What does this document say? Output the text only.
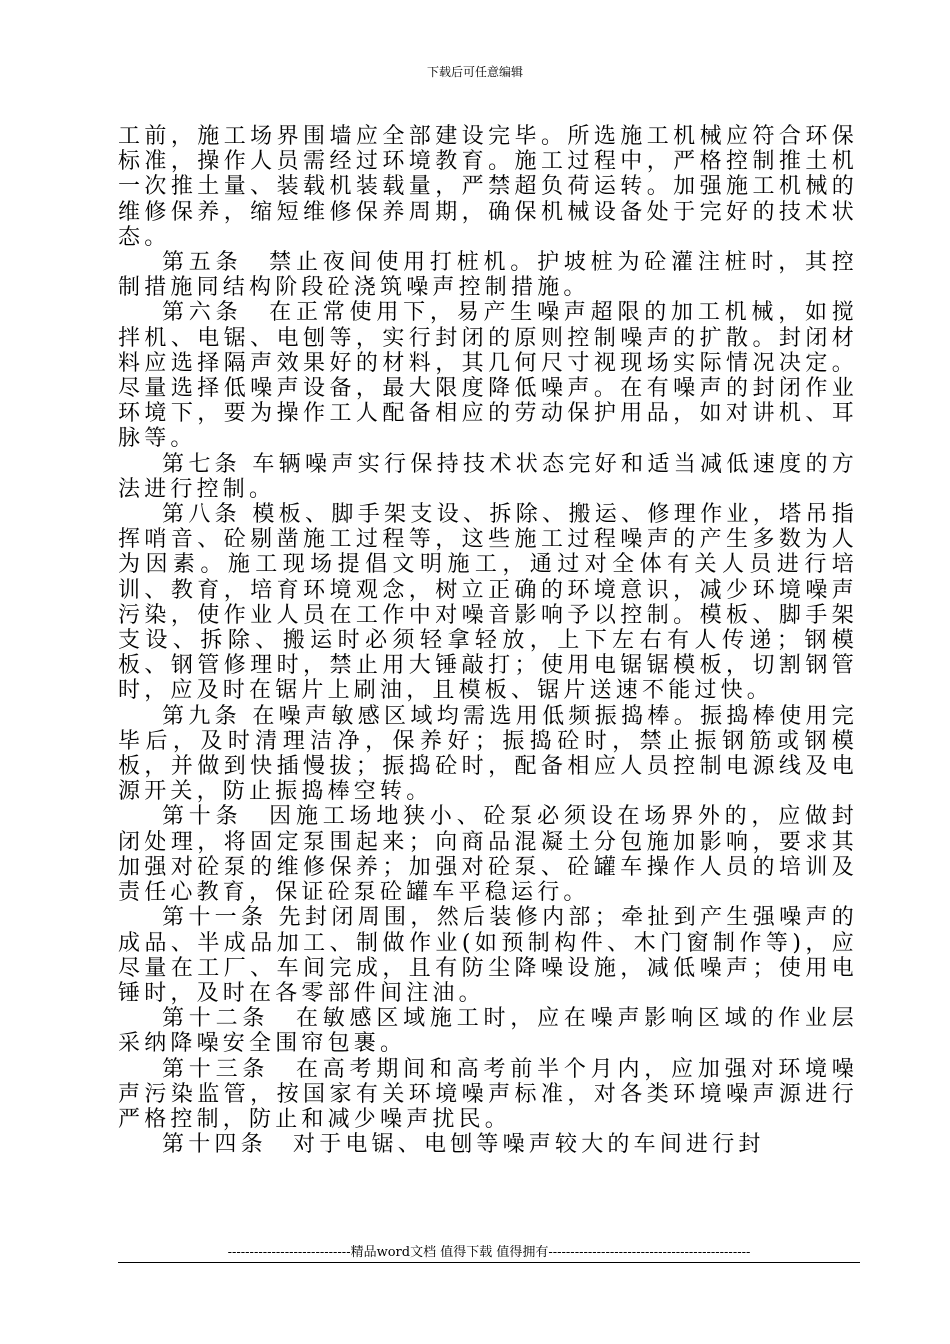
下载后可任意编辑

工前，施工场界围墙应全部建设完毕。所选施工机械应符合环保标准，操作人员需经过环境教育。施工过程中，严格控制推土机一次推土量、装载机装载量，严禁超负荷运转。加强施工机械的维修保养，缩短维修保养周期，确保机械设备处于完好的技术状态。

第五条　禁止夜间使用打桩机。护坡桩为砼灌注桩时，其控制措施同结构阶段砼浇筑噪声控制措施。

第六条　在正常使用下，易产生噪声超限的加工机械，如搅拌机、电锯、电刨等，实行封闭的原则控制噪声的扩散。封闭材料应选择隔声效果好的材料，其几何尺寸视现场实际情况决定。尽量选择低噪声设备，最大限度降低噪声。在有噪声的封闭作业环境下，要为操作工人配备相应的劳动保护用品，如对讲机、耳脉等。

第七条 车辆噪声实行保持技术状态完好和适当减低速度的方法进行控制。

第八条 模板、脚手架支设、拆除、搬运、修理作业，塔吊指挥哨音、砼剔凿施工过程等，这些施工过程噪声的产生多数为人为因素。施工现场提倡文明施工，通过对全体有关人员进行培训、教育，培育环境观念，树立正确的环境意识，减少环境噪声污染，使作业人员在工作中对噪音影响予以控制。模板、脚手架支设、拆除、搬运时必须轻拿轻放，上下左右有人传递；钢模板、钢管修理时，禁止用大锤敲打；使用电锯锯模板，切割钢管时，应及时在锯片上刷油，且模板、锯片送速不能过快。

第九条 在噪声敏感区域均需选用低频振捣棒。振捣棒使用完毕后，及时清理洁净，保养好；振捣砼时，禁止振钢筋或钢模板，并做到快插慢拔；振捣砼时，配备相应人员控制电源线及电源开关，防止振捣棒空转。

第十条　因施工场地狭小、砼泵必须设在场界外的，应做封闭处理，将固定泵围起来；向商品混凝土分包施加影响，要求其加强对砼泵的维修保养；加强对砼泵、砼罐车操作人员的培训及责任心教育，保证砼泵砼罐车平稳运行。

第十一条 先封闭周围，然后装修内部；牵扯到产生强噪声的成品、半成品加工、制做作业(如预制构件、木门窗制作等)，应尽量在工厂、车间完成，且有防尘降噪设施，减低噪声；使用电锤时，及时在各零部件间注油。

第十二条　在敏感区域施工时，应在噪声影响区域的作业层采纳降噪安全围帘包裹。

第十三条　在高考期间和高考前半个月内，应加强对环境噪声污染监管，按国家有关环境噪声标准，对各类环境噪声源进行严格控制，防止和减少噪声扰民。

第十四条　对于电锯、电刨等噪声较大的车间进行封

----------------------------精品word文档 值得下载 值得拥有----------------------------------------------
